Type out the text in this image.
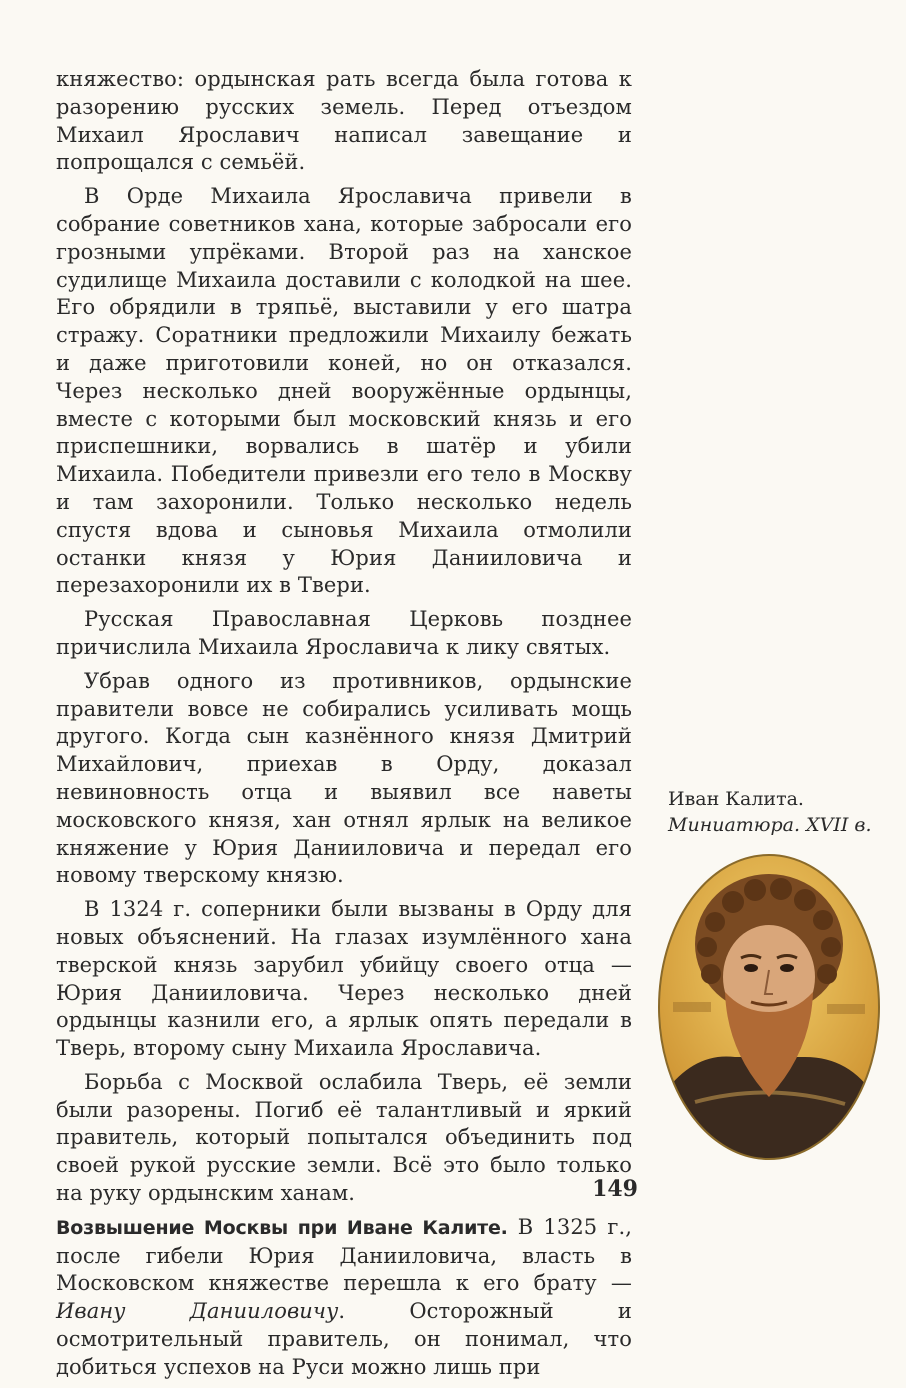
княжество: ордынская рать всегда была готова к разорению русских земель. Перед отъездом Михаил Ярославич написал завещание и попрощался с семьёй.

В Орде Михаила Ярославича привели в собрание советников хана, которые забросали его грозными упрёками. Второй раз на ханское судилище Михаила доставили с колодкой на шее. Его обрядили в тряпьё, выставили у его шатра стражу. Соратники предложили Михаилу бежать и даже приготовили коней, но он отказался. Через несколько дней вооружённые ордынцы, вместе с которыми был московский князь и его приспешники, ворвались в шатёр и убили Михаила. Победители привезли его тело в Москву и там захоронили. Только несколько недель спустя вдова и сыновья Михаила отмолили останки князя у Юрия Данииловича и перезахоронили их в Твери.

Русская Православная Церковь позднее причислила Михаила Ярославича к лику святых.

Убрав одного из противников, ордынские правители вовсе не собирались усиливать мощь другого. Когда сын казнённого князя Дмитрий Михайлович, приехав в Орду, доказал невиновность отца и выявил все наветы московского князя, хан отнял ярлык на великое княжение у Юрия Данииловича и передал его новому тверскому князю.

В 1324 г. соперники были вызваны в Орду для новых объяснений. На глазах изумлённого хана тверской князь зарубил убийцу своего отца — Юрия Данииловича. Через несколько дней ордынцы казнили его, а ярлык опять передали в Тверь, второму сыну Михаила Ярославича.

Борьба с Москвой ослабила Тверь, её земли были разорены. Погиб её талантливый и яркий правитель, который попытался объединить под своей рукой русские земли. Всё это было только на руку ордынским ханам.

Возвышение Москвы при Иване Калите. В 1325 г., после гибели Юрия Данииловича, власть в Московском княжестве перешла к его брату — Ивану Данииловичу. Осторожный и осмотрительный правитель, он понимал, что добиться успехов на Руси можно лишь при

Иван Калита.
Миниатюра. XVII в.
149
